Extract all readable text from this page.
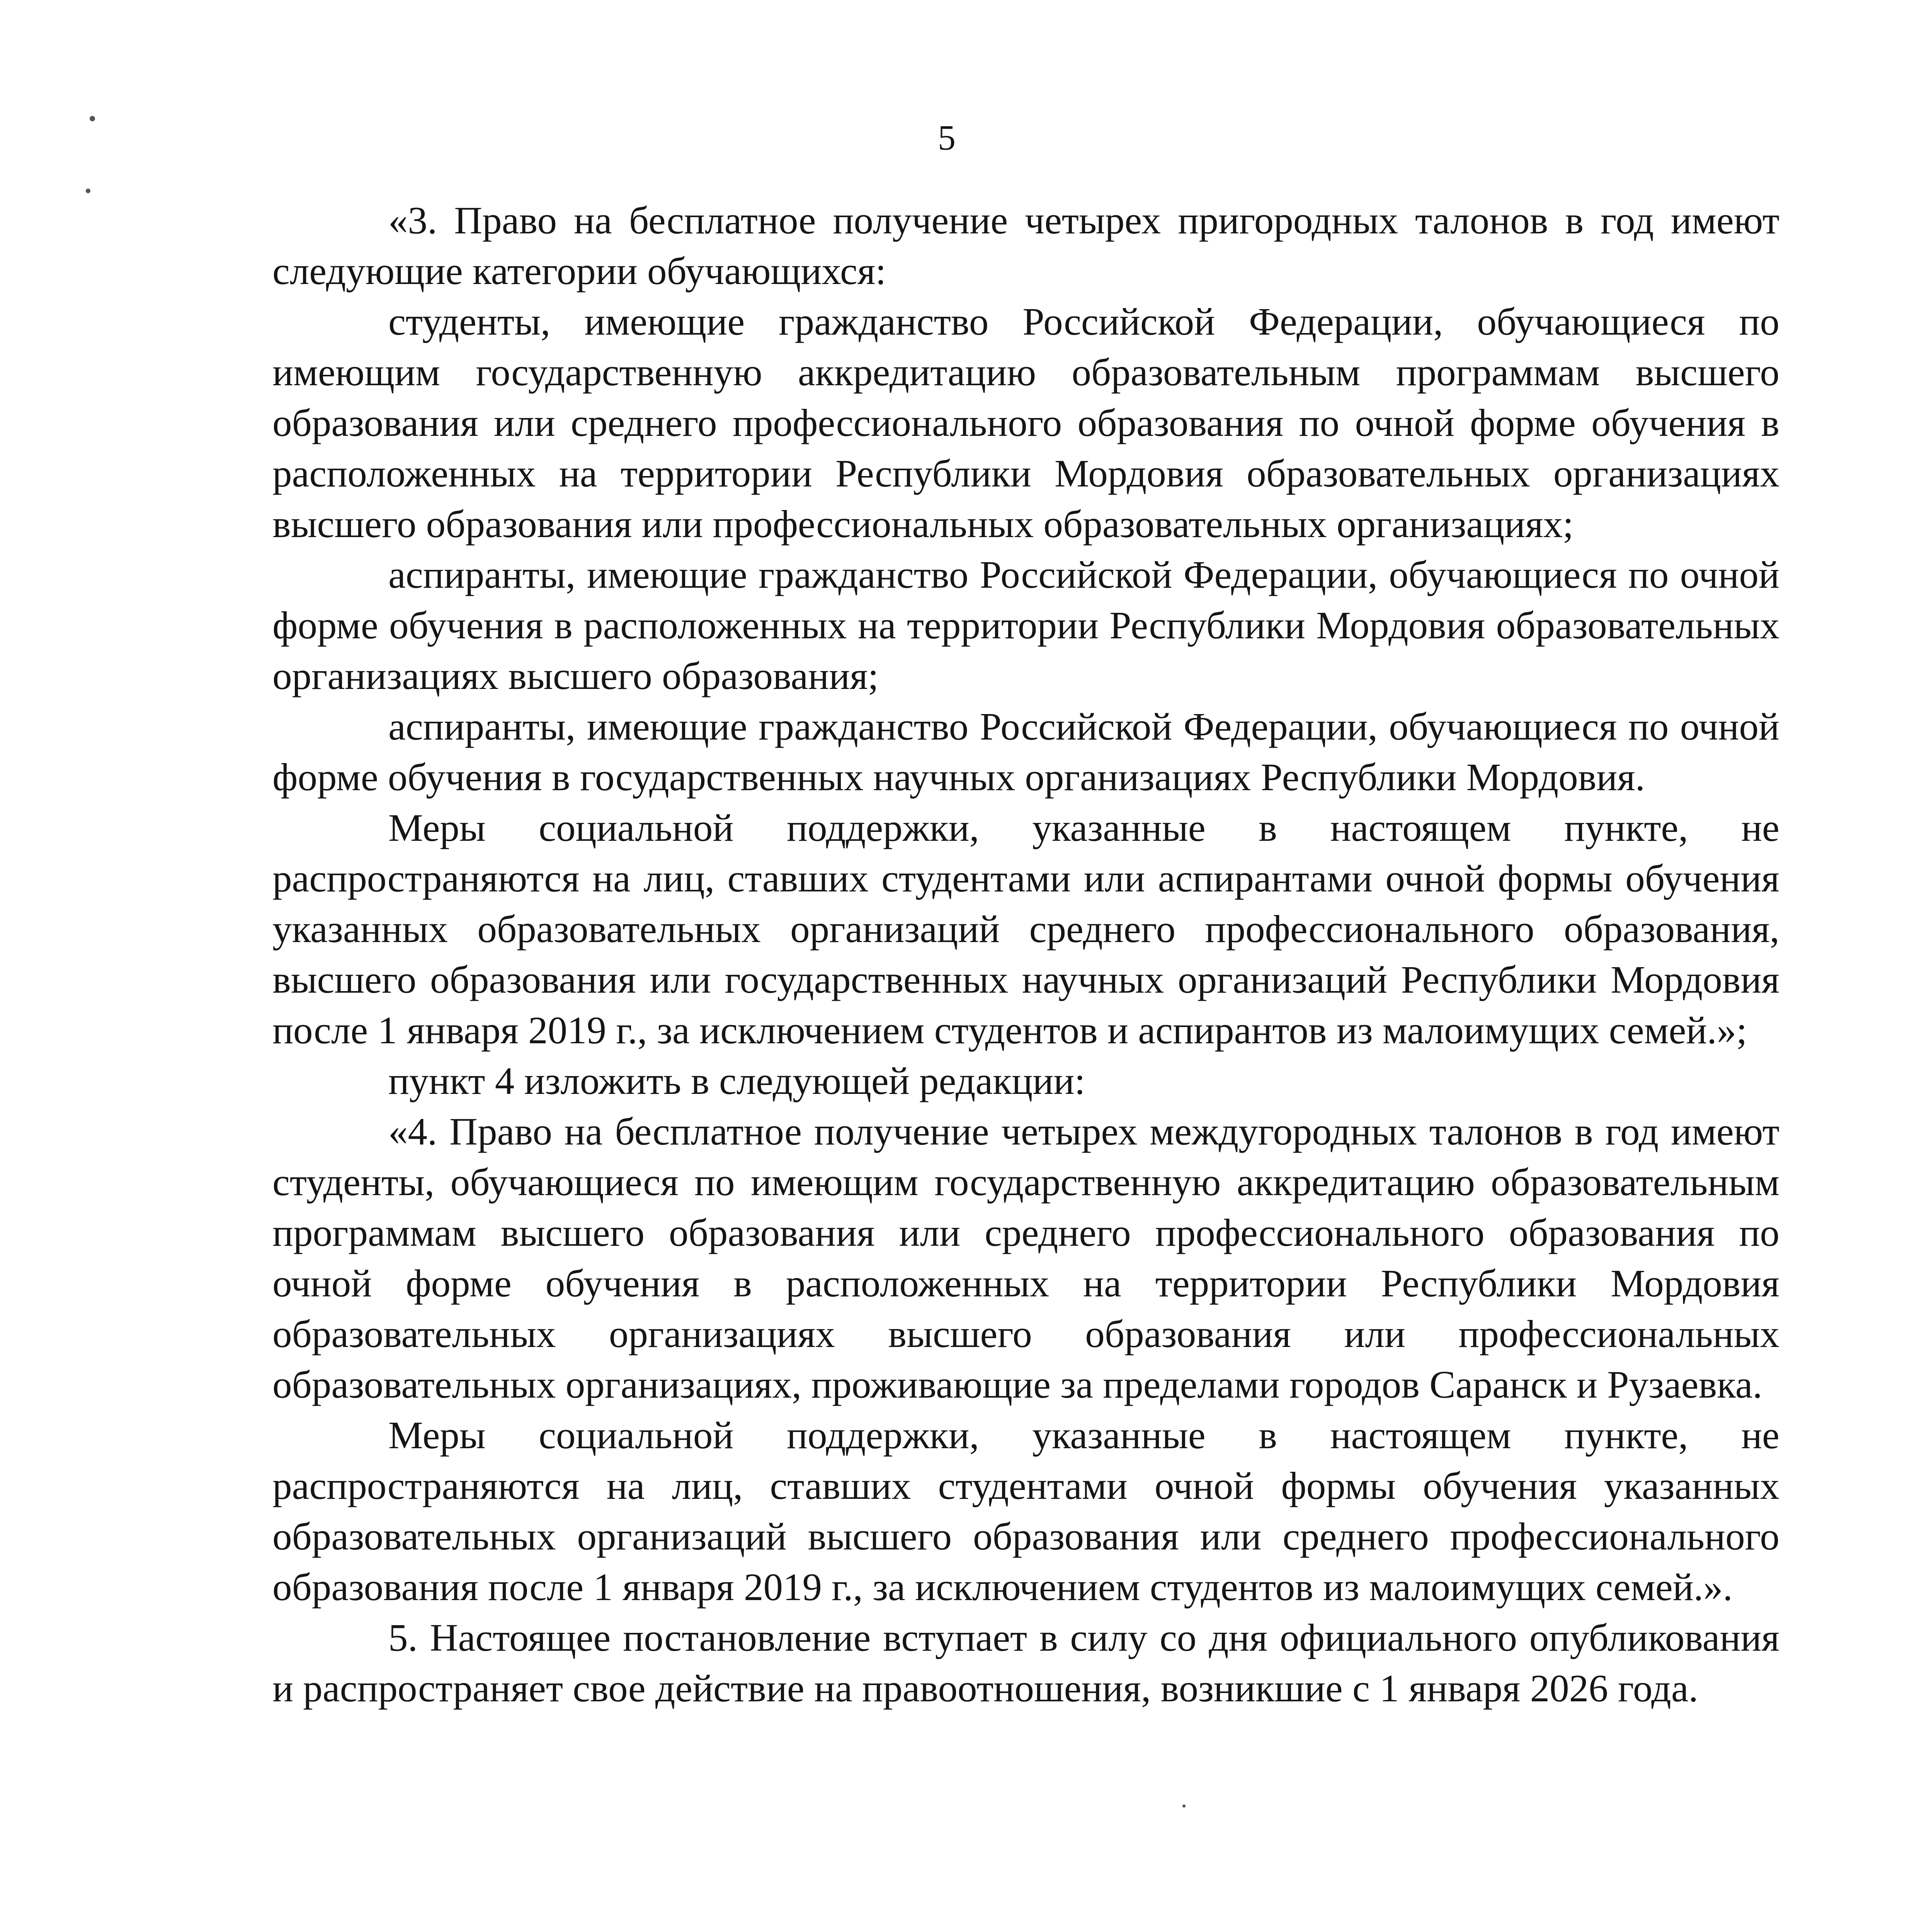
5

«3. Право на бесплатное получение четырех пригородных талонов в год имеют следующие категории обучающихся:

студенты, имеющие гражданство Российской Федерации, обучающиеся по имеющим государственную аккредитацию образовательным программам высшего образования или среднего профессионального образования по очной форме обучения в расположенных на территории Республики Мордовия образовательных организациях высшего образования или профессиональных образовательных организациях;

аспиранты, имеющие гражданство Российской Федерации, обучающиеся по очной форме обучения в расположенных на территории Республики Мордовия образовательных организациях высшего образования;

аспиранты, имеющие гражданство Российской Федерации, обучающиеся по очной форме обучения в государственных научных организациях Республики Мордовия.

Меры социальной поддержки, указанные в настоящем пункте, не распространяются на лиц, ставших студентами или аспирантами очной формы обучения указанных образовательных организаций среднего профессионального образования, высшего образования или государственных научных организаций Республики Мордовия после 1 января 2019 г., за исключением студентов и аспирантов из малоимущих семей.»;

пункт 4 изложить в следующей редакции:

«4. Право на бесплатное получение четырех междугородных талонов в год имеют студенты, обучающиеся по имеющим государственную аккредитацию образовательным программам высшего образования или среднего профессионального образования по очной форме обучения в расположенных на территории Республики Мордовия образовательных организациях высшего образования или профессиональных образовательных организациях, проживающие за пределами городов Саранск и Рузаевка.

Меры социальной поддержки, указанные в настоящем пункте, не распространяются на лиц, ставших студентами очной формы обучения указанных образовательных организаций высшего образования или среднего профессионального образования после 1 января 2019 г., за исключением студентов из малоимущих семей.».

5. Настоящее постановление вступает в силу со дня официального опубликования и распространяет свое действие на правоотношения, возникшие с 1 января 2026 года.
